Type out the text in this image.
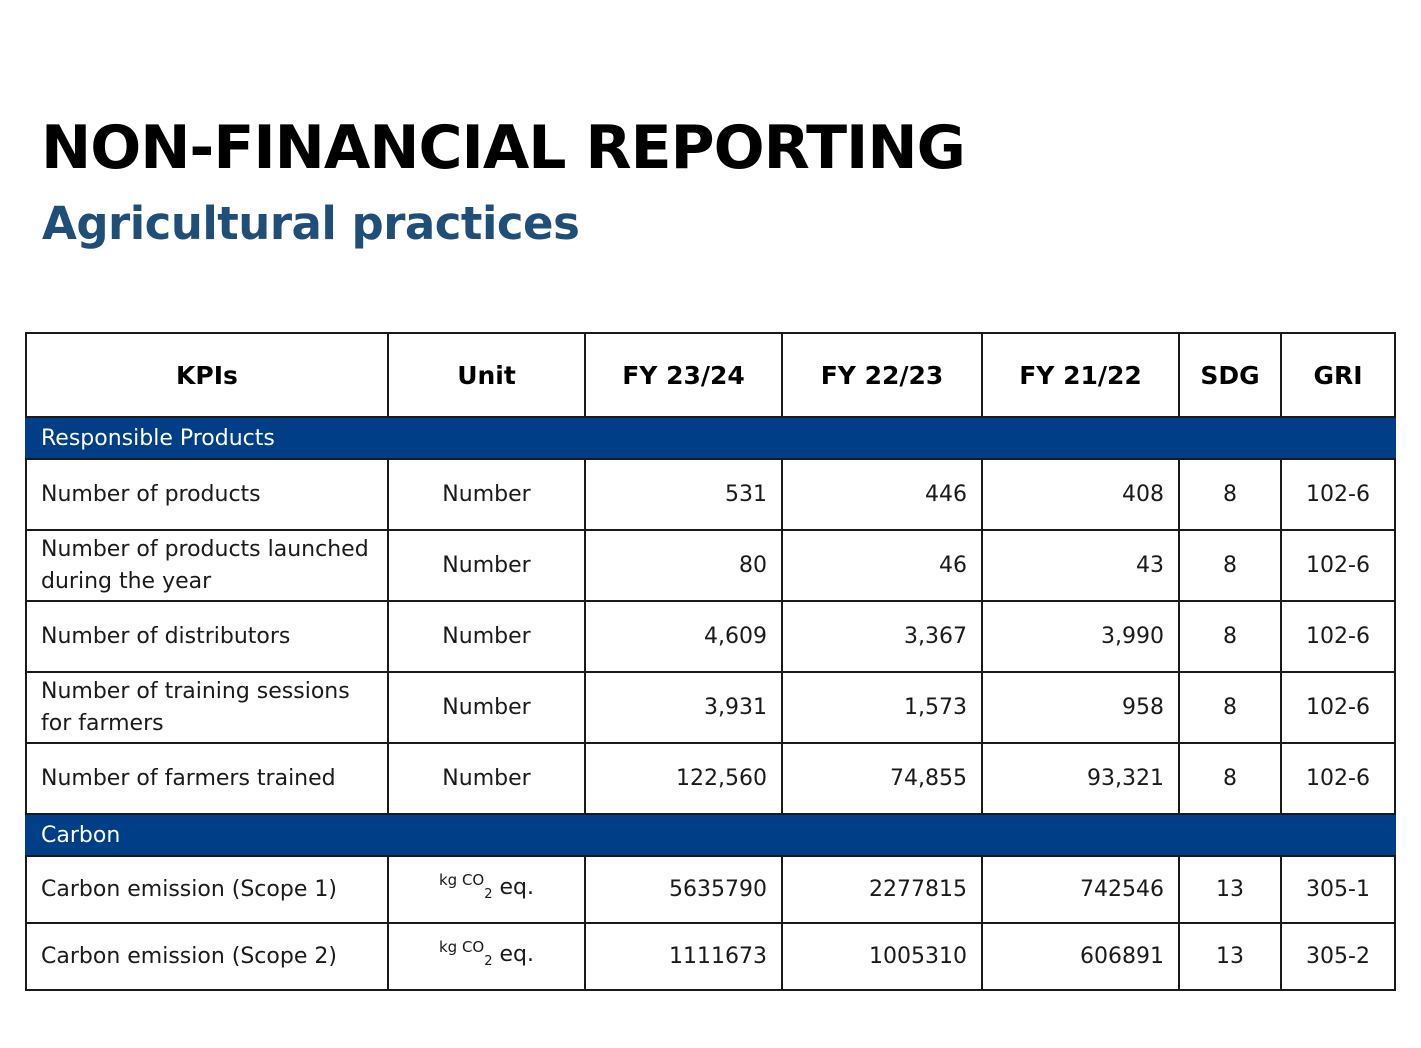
NON-FINANCIAL REPORTING
Agricultural practices
KPIs	Unit	FY 23/24	FY 22/23	FY 21/22	SDG	GRI
Responsible Products						
Number of products	Number	531	446	408	8	102-6
Number of products launched during the year	Number	80	46	43	8	102-6
Number of distributors	Number	4,609	3,367	3,990	8	102-6
Number of training sessions for farmers	Number	3,931	1,573	958	8	102-6
Number of farmers trained	Number	122,560	74,855	93,321	8	102-6
Carbon						
Carbon emission (Scope 1)	$^{kg CO}$2 eq.	5635790	2277815	742546	13	305-1
Carbon emission (Scope 2)	$^{kg CO}$2 eq.	1111673	1005310	606891	13	305-2
